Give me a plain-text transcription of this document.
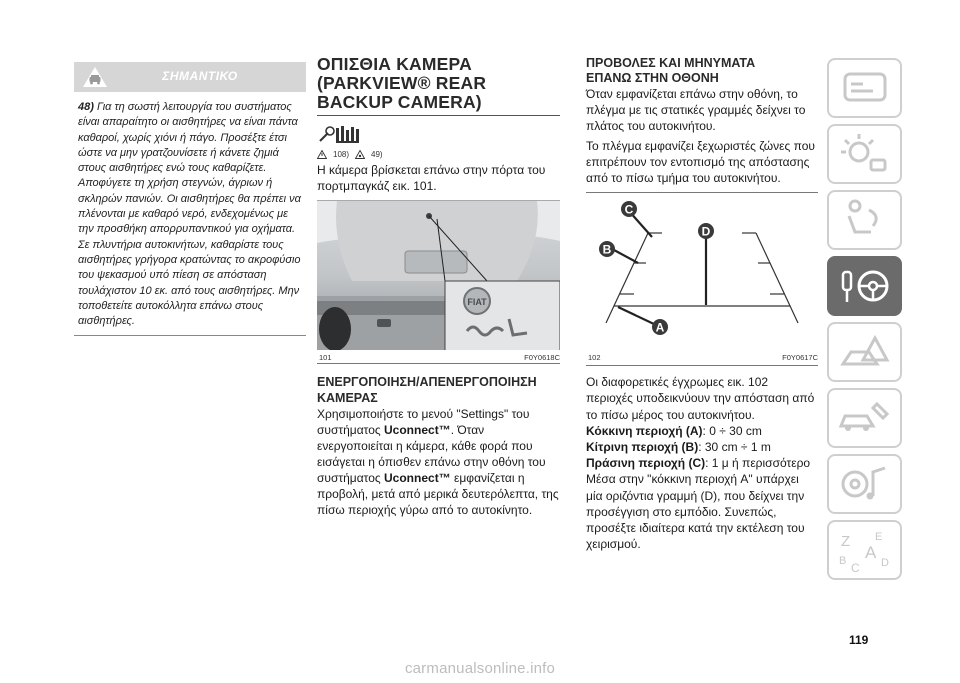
ΣΗΜΑΝΤΙΚΟ
48) Για τη σωστή λειτουργία του συστήματος είναι απαραίτητο οι αισθητήρες να είναι πάντα καθαροί, χωρίς χιόνι ή πάγο. Προσέξτε έτσι ώστε να μην γρατζουνίσετε ή κάνετε ζημιά στους αισθητήρες ενώ τους καθαρίζετε. Αποφύγετε τη χρήση στεγνών, άγριων ή σκληρών πανιών. Οι αισθητήρες θα πρέπει να πλένονται με καθαρό νερό, ενδεχομένως με την προσθήκη απορρυπαντικού για οχήματα. Σε πλυντήρια αυτοκινήτων, καθαρίστε τους αισθητήρες γρήγορα κρατώντας το ακροφύσιο του ψεκασμού υπό πίεση σε απόσταση τουλάχιστον 10 εκ. από τους αισθητήρες. Μην τοποθετείτε αυτοκόλλητα επάνω στους αισθητήρες.
ΟΠΙΣΘΙΑ ΚΑΜΕΡΑ
(PARKVIEW® REAR
BACKUP CAMERA)
108)	49)

Η κάμερα βρίσκεται επάνω στην πόρτα του πορτμπαγκάζ εικ. 101.

FIAT
101	F0Y0618C
ΕΝΕΡΓΟΠΟΙΗΣΗ/ΑΠΕΝΕΡΓΟΠΟΙΗΣΗ ΚΑΜΕΡΑΣ

Χρησιμοποιήστε το μενού "Settings" του συστήματος Uconnect™. Όταν ενεργοποιείται η κάμερα, κάθε φορά που εισάγεται η όπισθεν επάνω στην οθόνη του συστήματος Uconnect™ εμφανίζεται η προβολή, μετά από μερικά δευτερόλεπτα, της πίσω περιοχής γύρω από το αυτοκίνητο.

ΠΡΟΒΟΛΕΣ ΚΑΙ ΜΗΝΥΜΑΤΑ
ΕΠΑΝΩ ΣΤΗΝ ΟΘΟΝΗ

Όταν εμφανίζεται επάνω στην οθόνη, το πλέγμα με τις στατικές γραμμές δείχνει το πλάτος του αυτοκινήτου.

Το πλέγμα εμφανίζει ξεχωριστές ζώνες που επιτρέπουν τον εντοπισμό της απόστασης από το πίσω τμήμα του αυτοκινήτου.

C
B
D
A
102	F0Y0617C

Οι διαφορετικές έγχρωμες εικ. 102 περιοχές υποδεικνύουν την απόσταση από το πίσω μέρος του αυτοκινήτου.

Κόκκινη περιοχή (A): 0 ÷ 30 cm

Κίτρινη περιοχή (B): 30 cm ÷ 1 m

Πράσινη περιοχή (C): 1 μ ή περισσότερο

Μέσα στην "κόκκινη περιοχή A" υπάρχει μία οριζόντια γραμμή (D), που δείχνει την προσέγγιση στο εμπόδιο. Συνεπώς, προσέξτε ιδιαίτερα κατά την εκτέλεση του χειρισμού.	Z E
A
B C D
119
carmanualsonline.info
